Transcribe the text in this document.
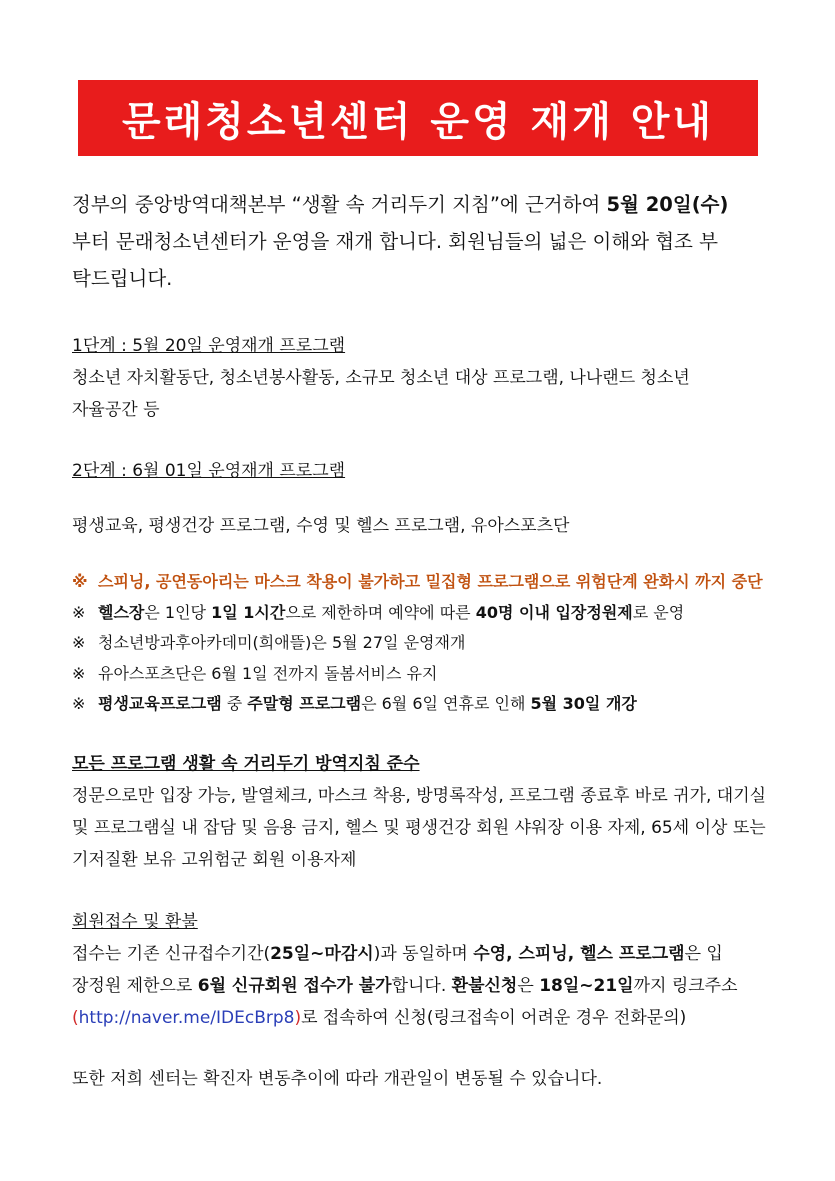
문래청소년센터 운영 재개 안내
정부의 중앙방역대책본부 “생활 속 거리두기 지침”에 근거하여 5월 20일(수)
부터 문래청소년센터가 운영을 재개 합니다. 회원님들의 넓은 이해와 협조 부
탁드립니다.
1단계 : 5월 20일 운영재개 프로그램
청소년 자치활동단, 청소년봉사활동, 소규모 청소년 대상 프로그램, 나나랜드 청소년
자율공간 등
2단계 : 6월 01일 운영재개 프로그램
평생교육, 평생건강 프로그램, 수영 및 헬스 프로그램, 유아스포츠단
※ 스피닝, 공연동아리는 마스크 착용이 불가하고 밀집형 프로그램으로 위험단계 완화시 까지 중단
※ 헬스장은 1인당 1일 1시간으로 제한하며 예약에 따른 40명 이내 입장정원제로 운영
※ 청소년방과후아카데미(희애뜰)은 5월 27일 운영재개
※ 유아스포츠단은 6월 1일 전까지 돌봄서비스 유지
※ 평생교육프로그램 중 주말형 프로그램은 6월 6일 연휴로 인해 5월 30일 개강
모든 프로그램 생활 속 거리두기 방역지침 준수
정문으로만 입장 가능, 발열체크, 마스크 착용, 방명록작성, 프로그램 종료후 바로 귀가, 대기실
및 프로그램실 내 잡담 및 음용 금지, 헬스 및 평생건강 회원 샤워장 이용 자제, 65세 이상 또는
기저질환 보유 고위험군 회원 이용자제
회원접수 및 환불
접수는 기존 신규접수기간(25일~마감시)과 동일하며 수영, 스피닝, 헬스 프로그램은 입
장정원 제한으로 6월 신규회원 접수가 불가합니다. 환불신청은 18일~21일까지 링크주소
(http://naver.me/IDEcBrp8)로 접속하여 신청(링크접속이 어려운 경우 전화문의)
또한 저희 센터는 확진자 변동추이에 따라 개관일이 변동될 수 있습니다.
